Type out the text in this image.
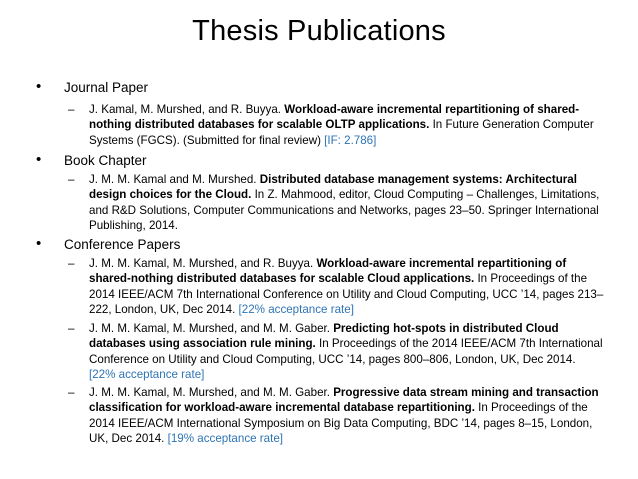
Thesis Publications
• Journal Paper
– J. Kamal, M. Murshed, and R. Buyya. Workload-aware incremental repartitioning of shared-nothing distributed databases for scalable OLTP applications. In Future Generation Computer Systems (FGCS). (Submitted for final review) [IF: 2.786]
• Book Chapter
– J. M. M. Kamal and M. Murshed. Distributed database management systems: Architectural design choices for the Cloud. In Z. Mahmood, editor, Cloud Computing – Challenges, Limitations, and R&D Solutions, Computer Communications and Networks, pages 23–50. Springer International Publishing, 2014.
• Conference Papers
– J. M. M. Kamal, M. Murshed, and R. Buyya. Workload-aware incremental repartitioning of shared-nothing distributed databases for scalable Cloud applications. In Proceedings of the 2014 IEEE/ACM 7th International Conference on Utility and Cloud Computing, UCC ’14, pages 213–222, London, UK, Dec 2014. [22% acceptance rate]
– J. M. M. Kamal, M. Murshed, and M. M. Gaber. Predicting hot-spots in distributed Cloud databases using association rule mining. In Proceedings of the 2014 IEEE/ACM 7th International Conference on Utility and Cloud Computing, UCC ’14, pages 800–806, London, UK, Dec 2014. [22% acceptance rate]
– J. M. M. Kamal, M. Murshed, and M. M. Gaber. Progressive data stream mining and transaction classification for workload-aware incremental database repartitioning. In Proceedings of the 2014 IEEE/ACM International Symposium on Big Data Computing, BDC ’14, pages 8–15, London, UK, Dec 2014. [19% acceptance rate]
